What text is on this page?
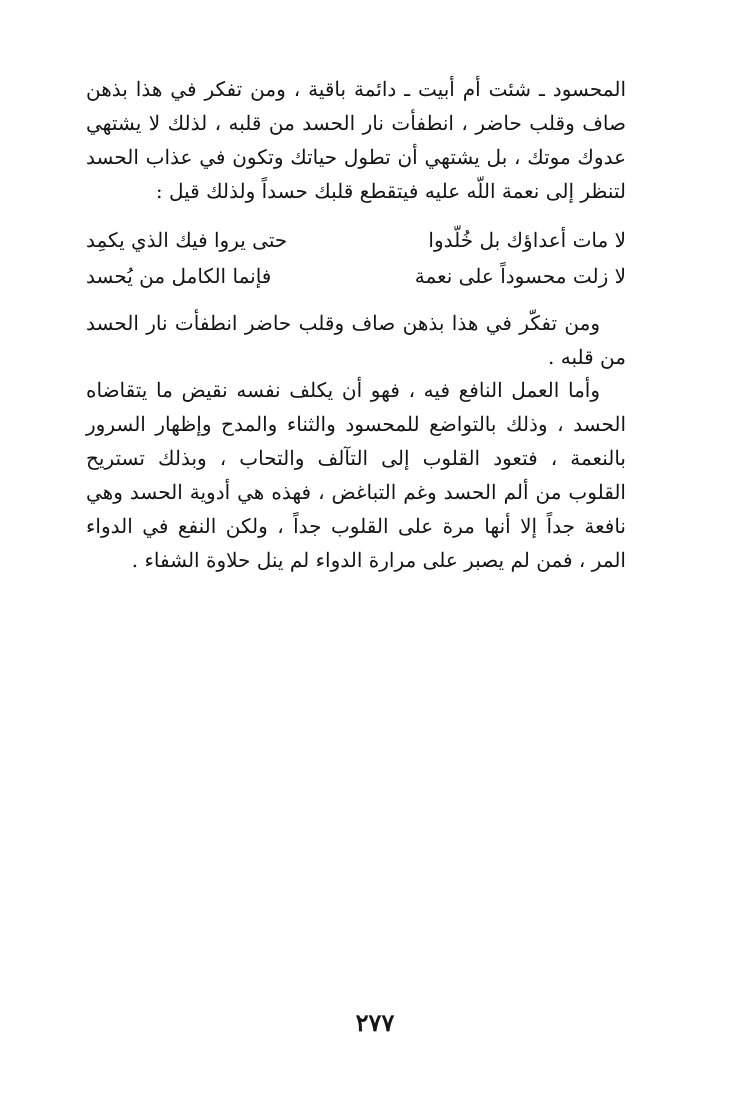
المحسود ـ شئت أم أبيت ـ دائمة باقية ، ومن تفكر في هذا بذهن صاف وقلب حاضر ، انطفأت نار الحسد من قلبه ، لذلك لا يشتهي عدوك موتك ، بل يشتهي أن تطول حياتك وتكون في عذاب الحسد لتنظر إلى نعمة اللّه عليه فيتقطع قلبك حسداً ولذلك قيل :

لا مات أعداؤك بل خُلّدوا
حتى يروا فيك الذي يكمِد
لا زلت محسوداً على نعمة
فإنما الكامل من يُحسد

ومن تفكّر في هذا بذهن صاف وقلب حاضر انطفأت نار الحسد من قلبه .

وأما العمل النافع فيه ، فهو أن يكلف نفسه نقيض ما يتقاضاه الحسد ، وذلك بالتواضع للمحسود والثناء والمدح وإظهار السرور بالنعمة ، فتعود القلوب إلى التآلف والتحاب ، وبذلك تستريح القلوب من ألم الحسد وغم التباغض ، فهذه هي أدوية الحسد وهي نافعة جداً إلا أنها مرة على القلوب جداً ، ولكن النفع في الدواء المر ، فمن لم يصبر على مرارة الدواء لم ينل حلاوة الشفاء .

٢٧٧
